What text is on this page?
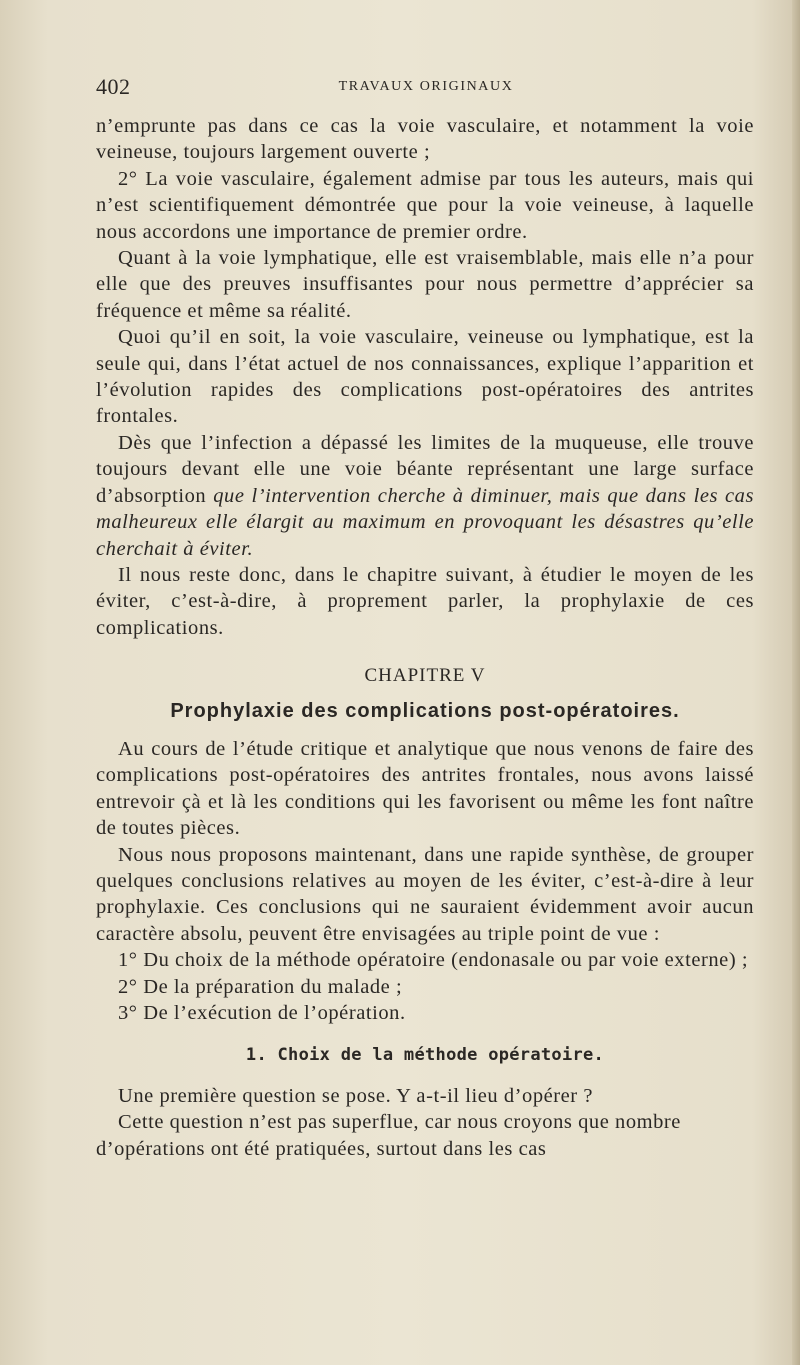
402	TRAVAUX ORIGINAUX

n’emprunte pas dans ce cas la voie vasculaire, et notamment la voie veineuse, toujours largement ouverte ;

2° La voie vasculaire, également admise par tous les auteurs, mais qui n’est scientifiquement démontrée que pour la voie veineuse, à laquelle nous accordons une importance de premier ordre.

Quant à la voie lymphatique, elle est vraisemblable, mais elle n’a pour elle que des preuves insuffisantes pour nous permettre d’apprécier sa fréquence et même sa réalité.

Quoi qu’il en soit, la voie vasculaire, veineuse ou lymphatique, est la seule qui, dans l’état actuel de nos connaissances, explique l’apparition et l’évolution rapides des complications post-opératoires des antrites frontales.

Dès que l’infection a dépassé les limites de la muqueuse, elle trouve toujours devant elle une voie béante représentant une large surface d’absorption que l’intervention cherche à diminuer, mais que dans les cas malheureux elle élargit au maximum en provoquant les désastres qu’elle cherchait à éviter.

Il nous reste donc, dans le chapitre suivant, à étudier le moyen de les éviter, c’est-à-dire, à proprement parler, la prophylaxie de ces complications.

CHAPITRE V
Prophylaxie des complications post-opératoires.

Au cours de l’étude critique et analytique que nous venons de faire des complications post-opératoires des antrites frontales, nous avons laissé entrevoir çà et là les conditions qui les favorisent ou même les font naître de toutes pièces.

Nous nous proposons maintenant, dans une rapide synthèse, de grouper quelques conclusions relatives au moyen de les éviter, c’est-à-dire à leur prophylaxie. Ces conclusions qui ne sauraient évidemment avoir aucun caractère absolu, peuvent être envisagées au triple point de vue :

1° Du choix de la méthode opératoire (endonasale ou par voie externe) ;

2° De la préparation du malade ;

3° De l’exécution de l’opération.

1. Choix de la méthode opératoire.

Une première question se pose. Y a-t-il lieu d’opérer ?

Cette question n’est pas superflue, car nous croyons que nombre d’opérations ont été pratiquées, surtout dans les cas
